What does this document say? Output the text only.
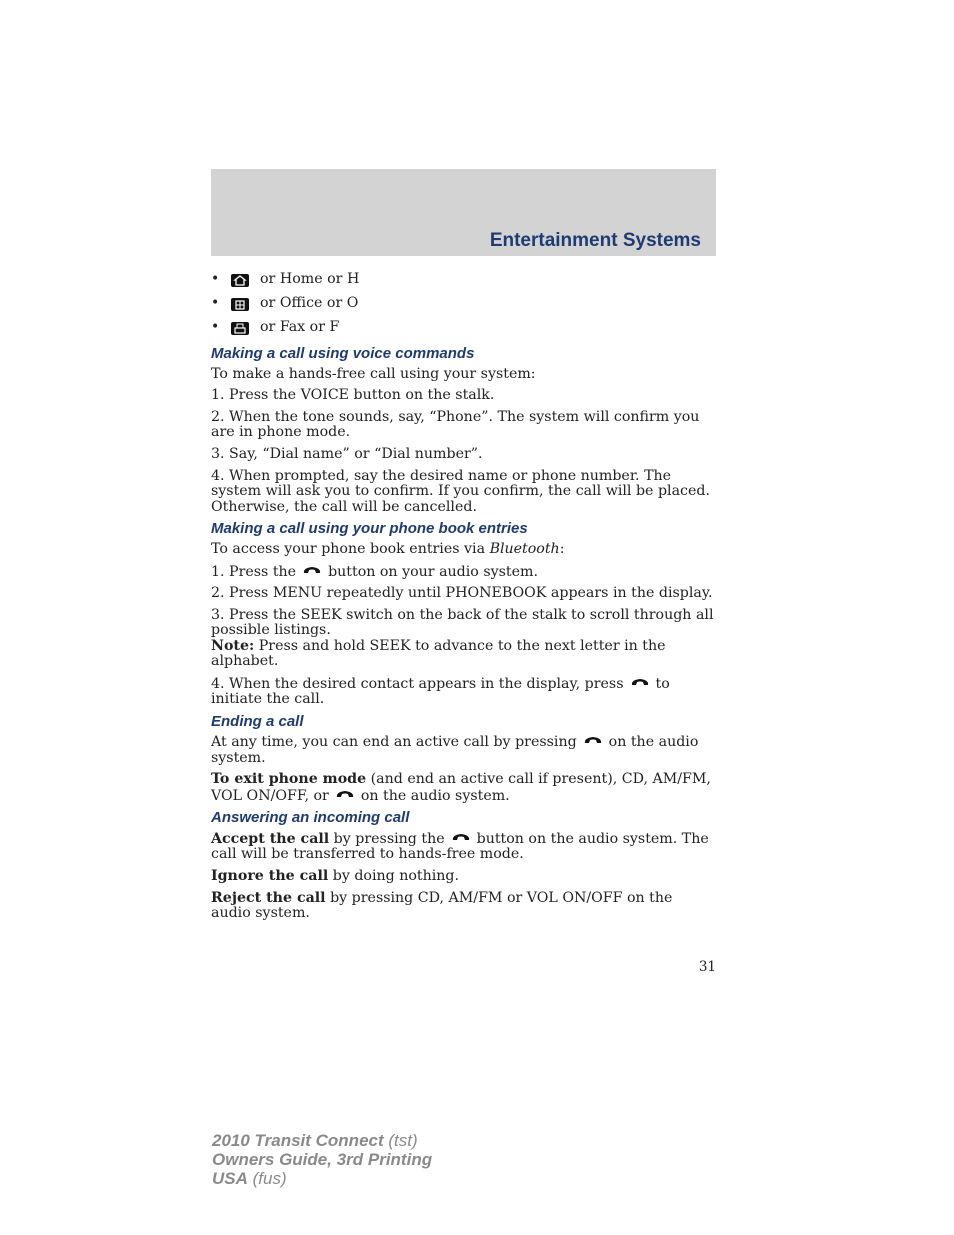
Entertainment Systems
•	or Home or H
•	or Office or O
•	or Fax or F
Making a call using voice commands

To make a hands-free call using your system:

1. Press the VOICE button on the stalk.

2. When the tone sounds, say, “Phone”. The system will confirm you are in phone mode.

3. Say, “Dial name” or “Dial number”.

4. When prompted, say the desired name or phone number. The system will ask you to confirm. If you confirm, the call will be placed. Otherwise, the call will be cancelled.

Making a call using your phone book entries

To access your phone book entries via Bluetooth:

1. Press the button on your audio system.

2. Press MENU repeatedly until PHONEBOOK appears in the display.

3. Press the SEEK switch on the back of the stalk to scroll through all possible listings.
Note: Press and hold SEEK to advance to the next letter in the alphabet.

4. When the desired contact appears in the display, press to initiate the call.

Ending a call

At any time, you can end an active call by pressing on the audio system.

To exit phone mode (and end an active call if present), CD, AM/FM, VOL ON/OFF, or on the audio system.

Answering an incoming call

Accept the call by pressing the button on the audio system. The call will be transferred to hands-free mode.

Ignore the call by doing nothing.

Reject the call by pressing CD, AM/FM or VOL ON/OFF on the audio system.

31
2010 Transit Connect (tst)
Owners Guide, 3rd Printing
USA (fus)
